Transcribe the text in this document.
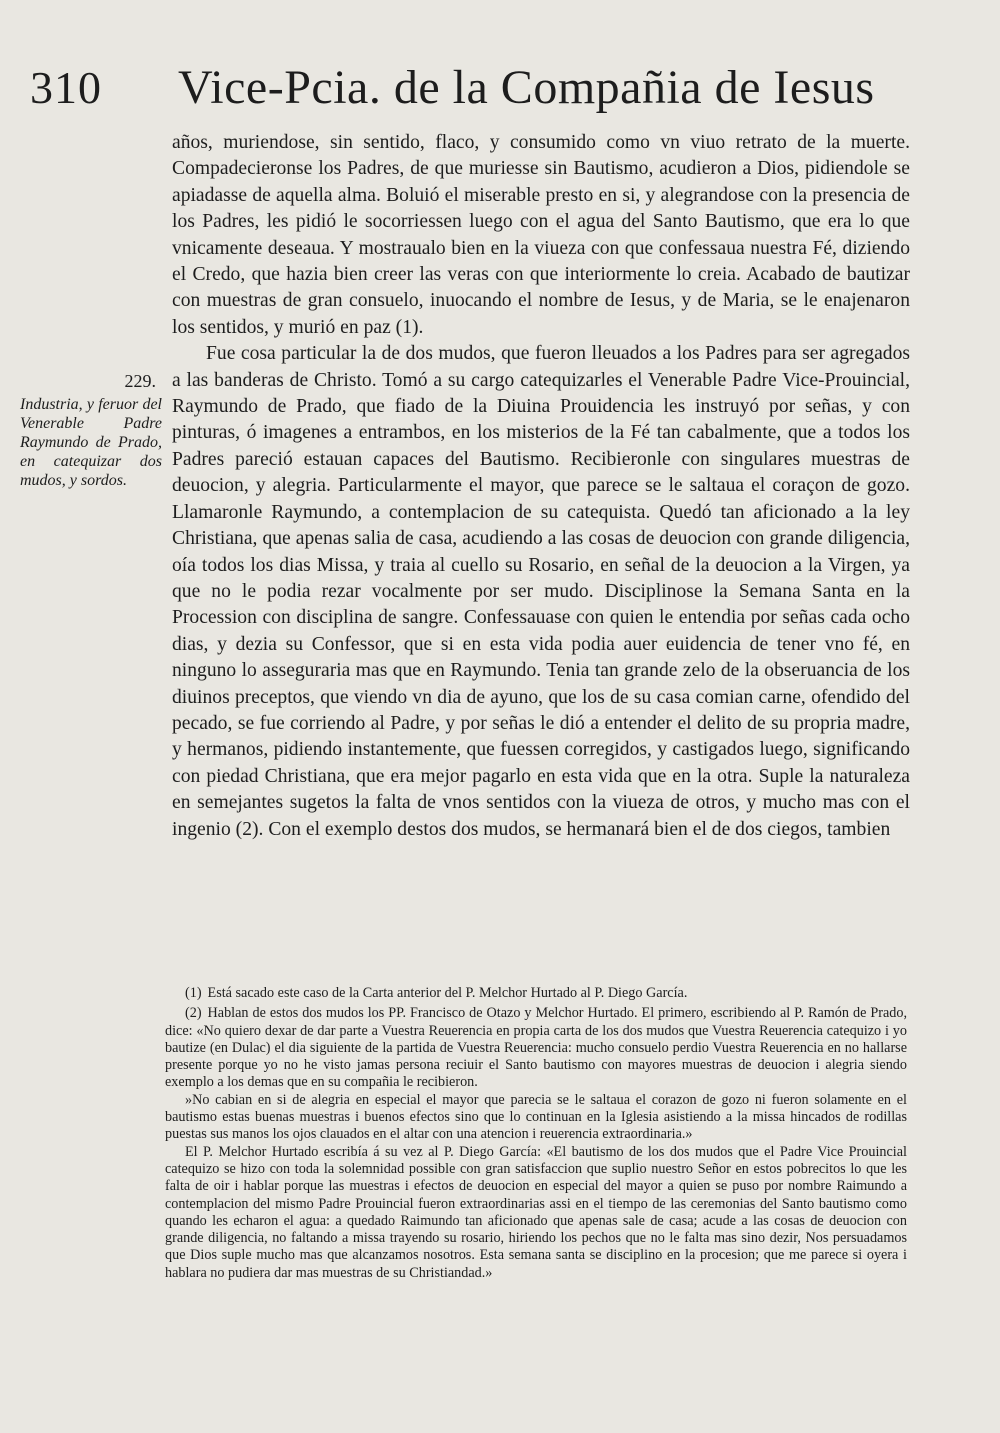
310 Vice-Pcia. de la Compañia de Iesus
229.
Industria, y feruor del Venerable Padre Raymundo de Prado, en catequizar dos mudos, y sordos.

años, muriendose, sin sentido, flaco, y consumido como vn viuo retrato de la muerte. Compadecieronse los Padres, de que muriesse sin Bautismo, acudieron a Dios, pidiendole se apiadasse de aquella alma. Boluió el miserable presto en si, y alegrandose con la presencia de los Padres, les pidió le socorriessen luego con el agua del Santo Bautismo, que era lo que vnicamente deseaua. Y mostraualo bien en la viueza con que confessaua nuestra Fé, diziendo el Credo, que hazia bien creer las veras con que interiormente lo creia. Acabado de bautizar con muestras de gran consuelo, inuocando el nombre de Iesus, y de Maria, se le enajenaron los sentidos, y murió en paz (1).

Fue cosa particular la de dos mudos, que fueron lleuados a los Padres para ser agregados a las banderas de Christo. Tomó a su cargo catequizarles el Venerable Padre Vice-Prouincial, Raymundo de Prado, que fiado de la Diuina Prouidencia les instruyó por señas, y con pinturas, ó imagenes a entrambos, en los misterios de la Fé tan cabalmente, que a todos los Padres pareció estauan capaces del Bautismo. Recibieronle con singulares muestras de deuocion, y alegria. Particularmente el mayor, que parece se le saltaua el coraçon de gozo. Llamaronle Raymundo, a contemplacion de su catequista. Quedó tan aficionado a la ley Christiana, que apenas salia de casa, acudiendo a las cosas de deuocion con grande diligencia, oía todos los dias Missa, y traia al cuello su Rosario, en señal de la deuocion a la Virgen, ya que no le podia rezar vocalmente por ser mudo. Disciplinose la Semana Santa en la Procession con disciplina de sangre. Confessauase con quien le entendia por señas cada ocho dias, y dezia su Confessor, que si en esta vida podia auer euidencia de tener vno fé, en ninguno lo asseguraria mas que en Raymundo. Tenia tan grande zelo de la obseruancia de los diuinos preceptos, que viendo vn dia de ayuno, que los de su casa comian carne, ofendido del pecado, se fue corriendo al Padre, y por señas le dió a entender el delito de su propria madre, y hermanos, pidiendo instantemente, que fuessen corregidos, y castigados luego, significando con piedad Christiana, que era mejor pagarlo en esta vida que en la otra. Suple la naturaleza en semejantes sugetos la falta de vnos sentidos con la viueza de otros, y mucho mas con el ingenio (2). Con el exemplo destos dos mudos, se hermanará bien el de dos ciegos, tambien

(1) Está sacado este caso de la Carta anterior del P. Melchor Hurtado al P. Diego García.

(2) Hablan de estos dos mudos los PP. Francisco de Otazo y Melchor Hurtado. El primero, escribiendo al P. Ramón de Prado, dice: «No quiero dexar de dar parte a Vuestra Reuerencia en propia carta de los dos mudos que Vuestra Reuerencia catequizo i yo bautize (en Dulac) el dia siguiente de la partida de Vuestra Reuerencia: mucho consuelo perdio Vuestra Reuerencia en no hallarse presente porque yo no he visto jamas persona reciuir el Santo bautismo con mayores muestras de deuocion i alegria siendo exemplo a los demas que en su compañia le recibieron.

»No cabian en si de alegria en especial el mayor que parecia se le saltaua el corazon de gozo ni fueron solamente en el bautismo estas buenas muestras i buenos efectos sino que lo continuan en la Iglesia asistiendo a la missa hincados de rodillas puestas sus manos los ojos clauados en el altar con una atencion i reuerencia extraordinaria.»

El P. Melchor Hurtado escribía á su vez al P. Diego García: «El bautismo de los dos mudos que el Padre Vice Prouincial catequizo se hizo con toda la solemnidad possible con gran satisfaccion que suplio nuestro Señor en estos pobrecitos lo que les falta de oir i hablar porque las muestras i efectos de deuocion en especial del mayor a quien se puso por nombre Raimundo a contemplacion del mismo Padre Prouincial fueron extraordinarias assi en el tiempo de las ceremonias del Santo bautismo como quando les echaron el agua: a quedado Raimundo tan aficionado que apenas sale de casa; acude a las cosas de deuocion con grande diligencia, no faltando a missa trayendo su rosario, hiriendo los pechos que no le falta mas sino dezir, Nos persuadamos que Dios suple mucho mas que alcanzamos nosotros. Esta semana santa se disciplino en la procesion; que me parece si oyera i hablara no pudiera dar mas muestras de su Christiandad.»
